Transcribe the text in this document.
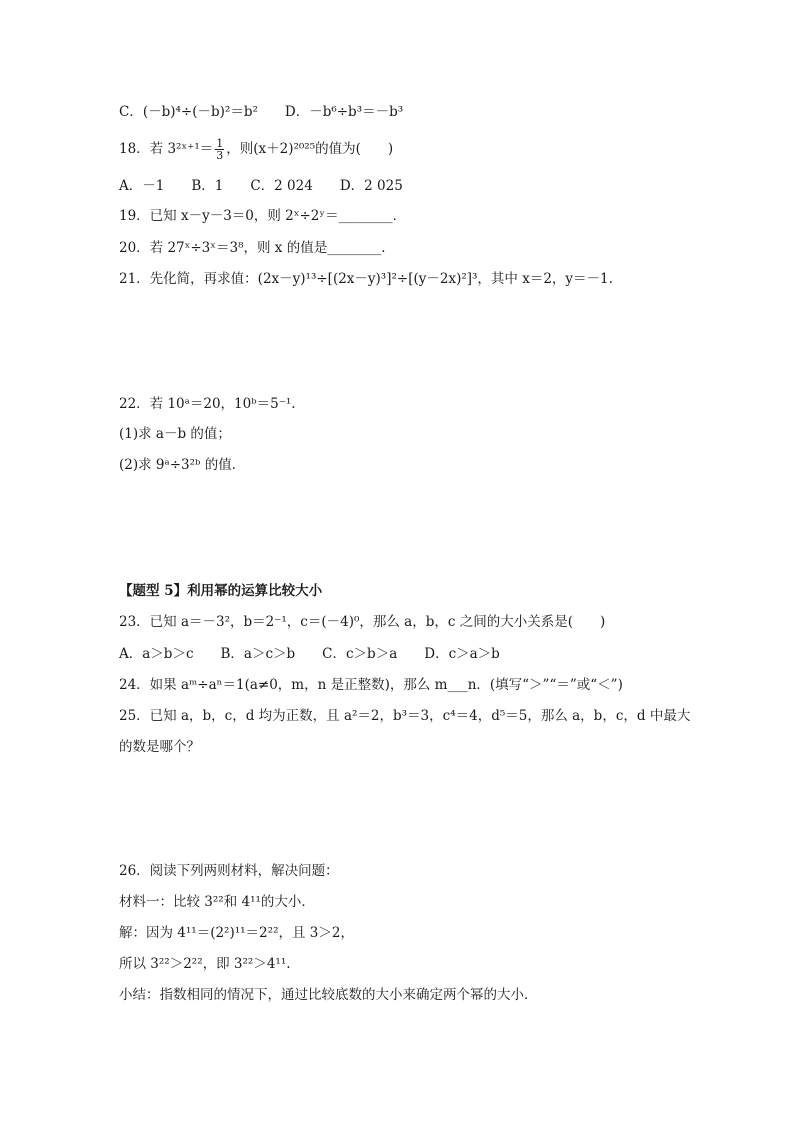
C．(－b)⁴÷(－b)²＝b²　　D．－b⁶÷b³＝－b³
18．若 3²ˣ⁺¹＝ $\frac{1}{3}$ ，则(x＋2)²⁰²⁵的值为(　　)
A．－1　　B．1　　C．2 024　　D．2 025
19．已知 x－y－3＝0，则 2ˣ÷2ʸ＝________．
20．若 27ˣ÷3ˣ＝3⁸，则 x 的值是________．
21．先化简，再求值：(2x－y)¹³÷[(2x－y)³]²÷[(y－2x)²]³，其中 x＝2，y＝－1.
22．若 10ᵃ＝20，10ᵇ＝5⁻¹.
(1)求 a－b 的值；
(2)求 9ᵃ÷3²ᵇ 的值．
【题型 5】利用幂的运算比较大小
23．已知 a＝－3²，b＝2⁻¹，c＝(－4)⁰，那么 a，b，c 之间的大小关系是(　　)
A．a＞b＞c　　B．a＞c＞b　　C．c＞b＞a　　D．c＞a＞b
24．如果 aᵐ÷aⁿ＝1(a≠0，m，n 是正整数)，那么 m___n．(填写“＞”“＝”或“＜”)
25．已知 a，b，c，d 均为正数，且 a²＝2，b³＝3，c⁴＝4，d⁵＝5，那么 a，b，c，d 中最大
的数是哪个？
26．阅读下列两则材料，解决问题：
材料一：比较 3²²和 4¹¹的大小．
解：因为 4¹¹＝(2²)¹¹＝2²²，且 3＞2，
所以 3²²＞2²²，即 3²²＞4¹¹.
小结：指数相同的情况下，通过比较底数的大小来确定两个幂的大小．
